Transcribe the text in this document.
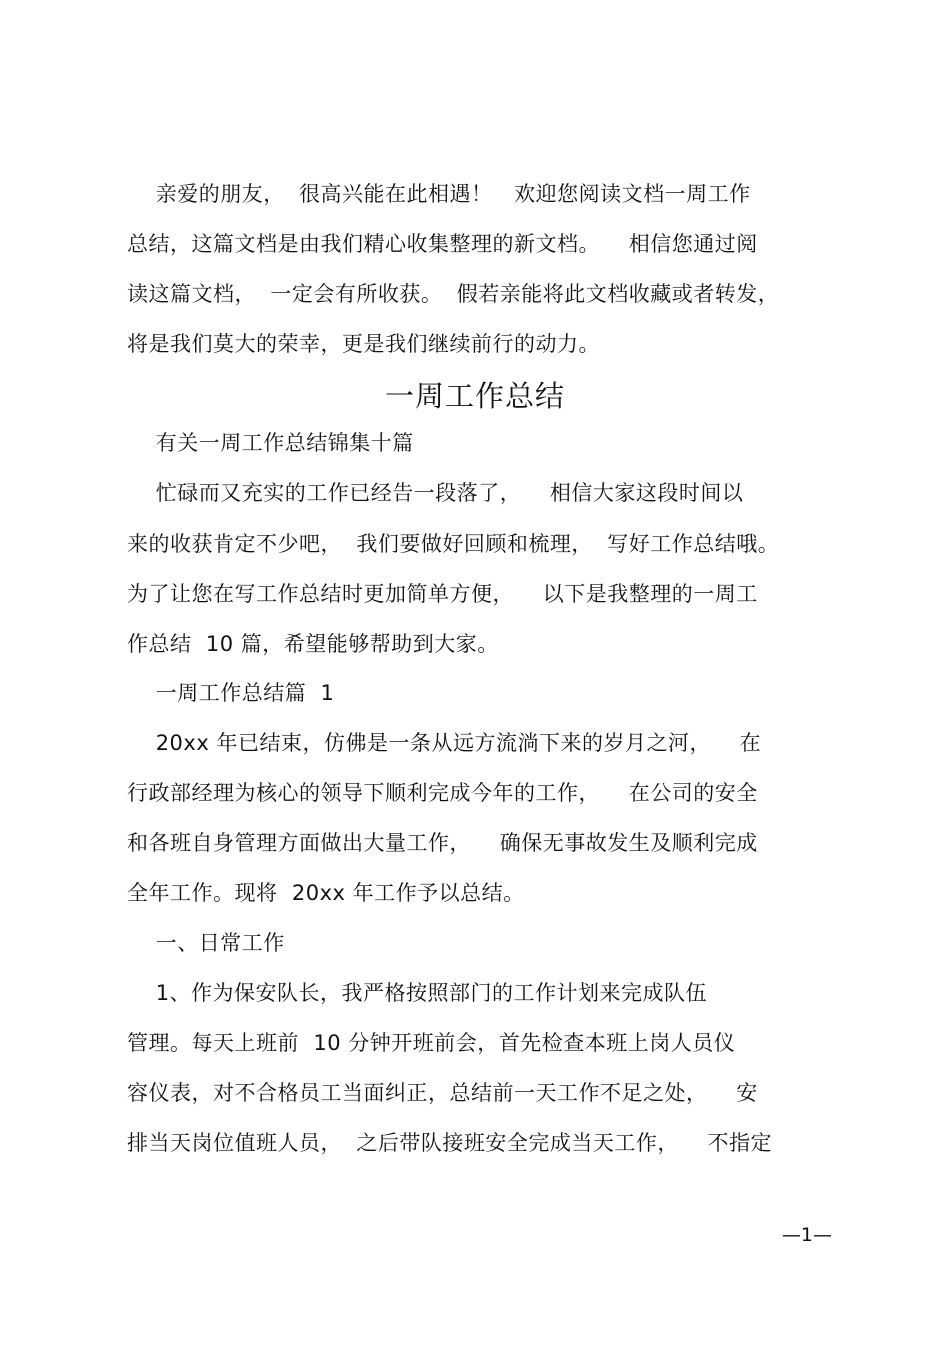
亲爱的朋友，  很高兴能在此相遇！   欢迎您阅读文档一周工作
总结，这篇文档是由我们精心收集整理的新文档。    相信您通过阅
读这篇文档，  一定会有所收获。  假若亲能将此文档收藏或者转发，
将是我们莫大的荣幸，更是我们继续前行的动力。
一周工作总结
有关一周工作总结锦集十篇
忙碌而又充实的工作已经告一段落了，    相信大家这段时间以
来的收获肯定不少吧，  我们要做好回顾和梳理，  写好工作总结哦。
为了让您在写工作总结时更加简单方便，    以下是我整理的一周工
作总结  10 篇，希望能够帮助到大家。
一周工作总结篇  1
20xx 年已结束，仿佛是一条从远方流淌下来的岁月之河，    在
行政部经理为核心的领导下顺利完成今年的工作，    在公司的安全
和各班自身管理方面做出大量工作，    确保无事故发生及顺利完成
全年工作。现将  20xx 年工作予以总结。
一、日常工作
1、作为保安队长，我严格按照部门的工作计划来完成队伍
管理。每天上班前  10 分钟开班前会，首先检查本班上岗人员仪
容仪表，对不合格员工当面纠正，总结前一天工作不足之处，    安
排当天岗位值班人员，  之后带队接班安全完成当天工作，    不指定
—1—
